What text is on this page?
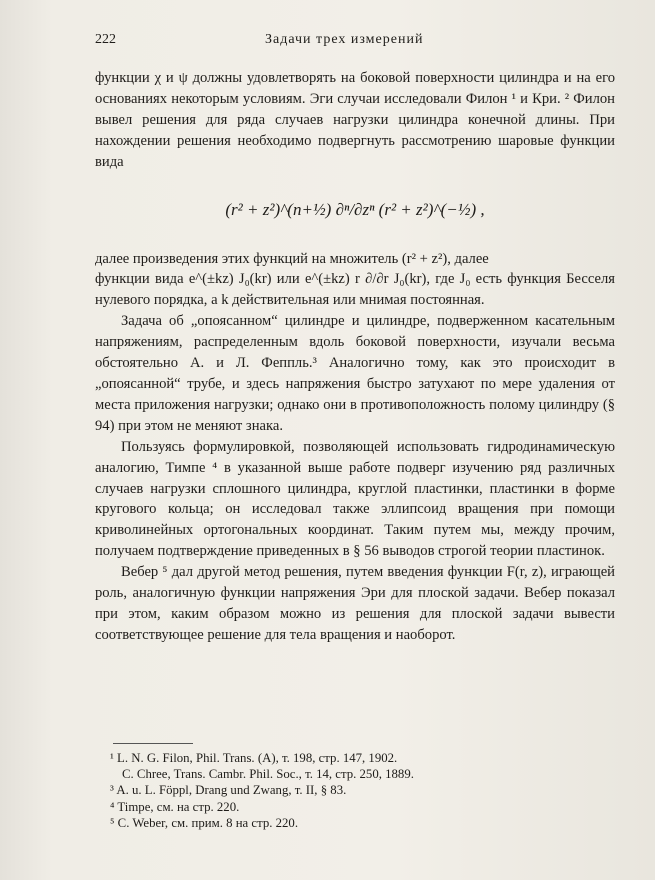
222	Задачи трех измерений

функции χ и ψ должны удовлетворять на боковой поверхности цилиндра и на его основаниях некоторым условиям. Эги случаи исследовали Филон ¹ и Кри. ² Филон вывел решения для ряда случаев нагрузки цилиндра конечной длины. При нахождении решения необходимо подвергнуть рассмотрению шаровые функции вида

(r² + z²)^(n+½) ∂ⁿ/∂zⁿ (r² + z²)^(−½) ,

далее произведения этих функций на множитель (r² + z²), далее

функции вида e^(±kz) J₀(kr) или e^(±kz) r ∂/∂r J₀(kr), где J₀ есть функция Бесселя нулевого порядка, а k действительная или мнимая постоянная.

Задача об „опоясанном“ цилиндре и цилиндре, подверженном касательным напряжениям, распределенным вдоль боковой поверхности, изучали весьма обстоятельно А. и Л. Феппль.³ Аналогично тому, как это происходит в „опоясанной“ трубе, и здесь напряжения быстро затухают по мере удаления от места приложения нагрузки; однако они в противоположность полому цилиндру (§ 94) при этом не меняют знака.

Пользуясь формулировкой, позволяющей использовать гидродинамическую аналогию, Тимпе ⁴ в указанной выше работе подверг изучению ряд различных случаев нагрузки сплошного цилиндра, круглой пластинки, пластинки в форме кругового кольца; он исследовал также эллипсоид вращения при помощи криволинейных ортогональных координат. Таким путем мы, между прочим, получаем подтверждение приведенных в § 56 выводов строгой теории пластинок.

Вебер ⁵ дал другой метод решения, путем введения функции F(r, z), играющей роль, аналогичную функции напряжения Эри для плоской задачи. Вебер показал при этом, каким образом можно из решения для плоской задачи вывести соответствующее решение для тела вращения и наоборот.

¹ L. N. G. Filon, Phil. Trans. (A), т. 198, стр. 147, 1902.

C. Chree, Trans. Cambr. Phil. Soc., т. 14, стр. 250, 1889.

³ A. u. L. Föppl, Drang und Zwang, т. II, § 83.

⁴ Timpe, см. на стр. 220.

⁵ C. Weber, см. прим. 8 на стр. 220.
